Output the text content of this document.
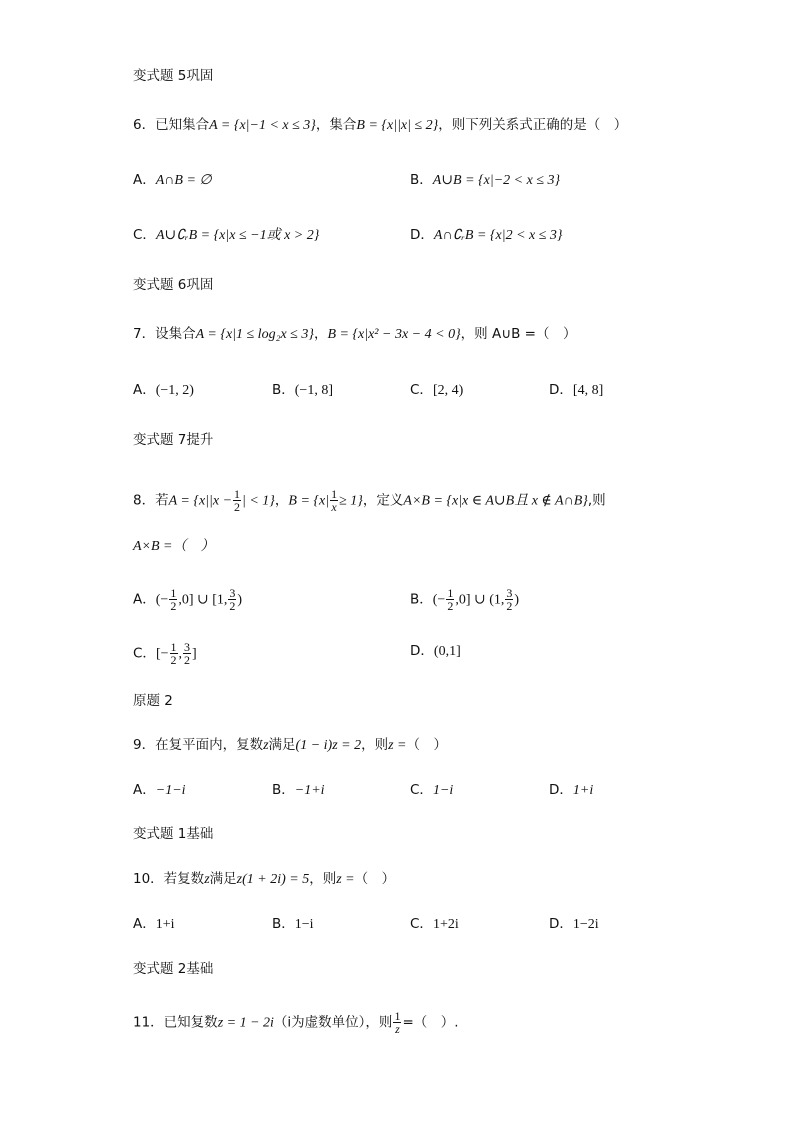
变式题 5巩固
6．已知集合A = {x|−1 < x ≤ 3}，集合B = {x||x| ≤ 2}，则下列关系式正确的是（　）
A．A∩B = ∅	B．A∪B = {x|−2 < x ≤ 3}
C．A∪∁ᵣB = {x|x ≤ −1或 x > 2}	D．A∩∁ᵣB = {x|2 < x ≤ 3}
变式题 6巩固
7．设集合A = {x|1 ≤ log₂x ≤ 3}，B = {x|x² − 3x − 4 < 0}，则 A∪B =（　）
A．(−1, 2)	B．(−1, 8]	C．[2, 4)	D．[4, 8]
变式题 7提升
8．若$A = \{x||x - \frac{1}{2}$ | < 1}，$B = \{x| \frac{1}{x} \ge 1\}$，定义A×B = {x|x ∈ A∪B且 x ∉ A∩B},则
A×B =（　）
A．(− $\frac{1}{2} ,0$] ∪ [1, $\frac{3}{2}$ )	B．(− $\frac{1}{2} ,0$] ∪ (1, $\frac{3}{2}$ )
C．[− $\frac{1}{2}$ , $\frac{3}{2}$ ]	D．(0,1]
原题 2
9．在复平面内，复数z满足(1 − i)z = 2，则z =（　）
A．−1−i	B．−1+i	C．1−i	D．1+i
变式题 1基础
10．若复数z满足z(1 + 2i) = 5，则z =（　）
A．1+i	B．1−i	C．1+2i	D．1−2i
变式题 2基础
11．已知复数z = 1 − 2i（i为虚数单位），则 $\frac{1}{z}$ =（　）.
